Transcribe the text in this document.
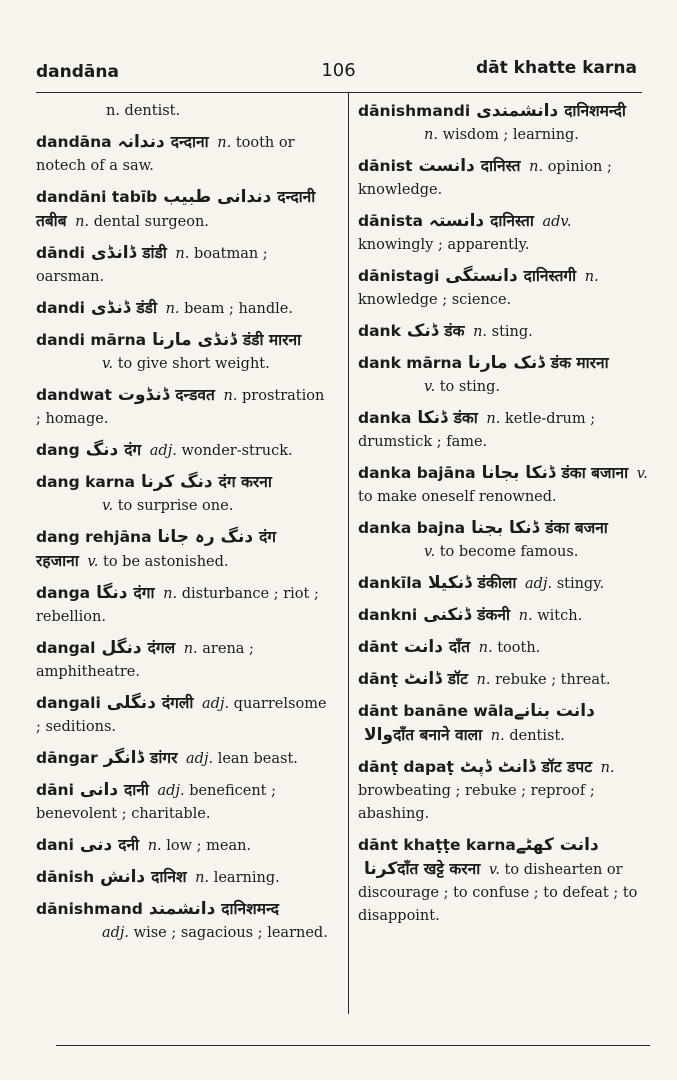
dandāna	106	dāt khatte karna
n. dentist.
dandāna دندانہ दन्दाना n. tooth or notech of a saw.
dandāni tabīb دندانی طبیب दन्दानी तबीब n. dental surgeon.
dāndi ڈانڈی डांडी n. boatman ; oarsman.
dandi ڈنڈی डंडी n. beam ; handle.
dandi mārna ڈنڈی مارنا डंडी मारना
v. to give short weight.
dandwat ڈنڈوت दन्डवत n. prostration ; homage.
dang دنگ दंग adj. wonder-struck.
dang karna دنگ کرنا दंग करना
v. to surprise one.
dang rehjāna دنگ رہ جانا दंग रहजाना v. to be astonished.
danga دنگا दंगा n. disturbance ; riot ; rebellion.
dangal دنگل दंगल n. arena ; amphitheatre.
dangali دنگلی दंगली adj. quarrelsome ; seditions.
dāngar ڈانگر डांगर adj. lean beast.
dāni دانی दानी adj. beneficent ; benevolent ; charitable.
dani دنی दनी n. low ; mean.
dānish دانش दानिश n. learning.
dānishmand دانشمند दानिशमन्द
adj. wise ; sagacious ; learned.
dānishmandi دانشمندی दानिशमन्दी
n. wisdom ; learning.
dānist دانست दानिस्त n. opinion ; knowledge.
dānista دانستہ दानिस्ता adv. knowingly ; apparently.
dānistagi دانستگی दानिस्तगी n. knowledge ; science.
dank ڈنک डंक n. sting.
dank mārna ڈنک مارنا डंक मारना
v. to sting.
danka ڈنکا डंका n. ketle-drum ; drumstick ; fame.
danka bajāna ڈنکا بجانا डंका बजाना v. to make oneself renowned.
danka bajna ڈنکا بجنا डंका बजना
v. to become famous.
dankīla ڈنکیلا डंकीला adj. stingy.
dankni ڈنکنی डंकनी n. witch.
dānt دانت दाँत n. tooth.
dānṭ ڈانٹ डॉट n. rebuke ; threat.
dānt banāne wālaدانت بنانے والاदाँत बनाने वाला n. dentist.
dānṭ dapaṭ ڈانٹ ڈپٹ डॉट डपट n. browbeating ; rebuke ; reproof ; abashing.
dānt khaṭṭe karnaدانت کھٹے کرناदाँत खट्टे करना v. to dishearten or discourage ; to confuse ; to defeat ; to disappoint.
